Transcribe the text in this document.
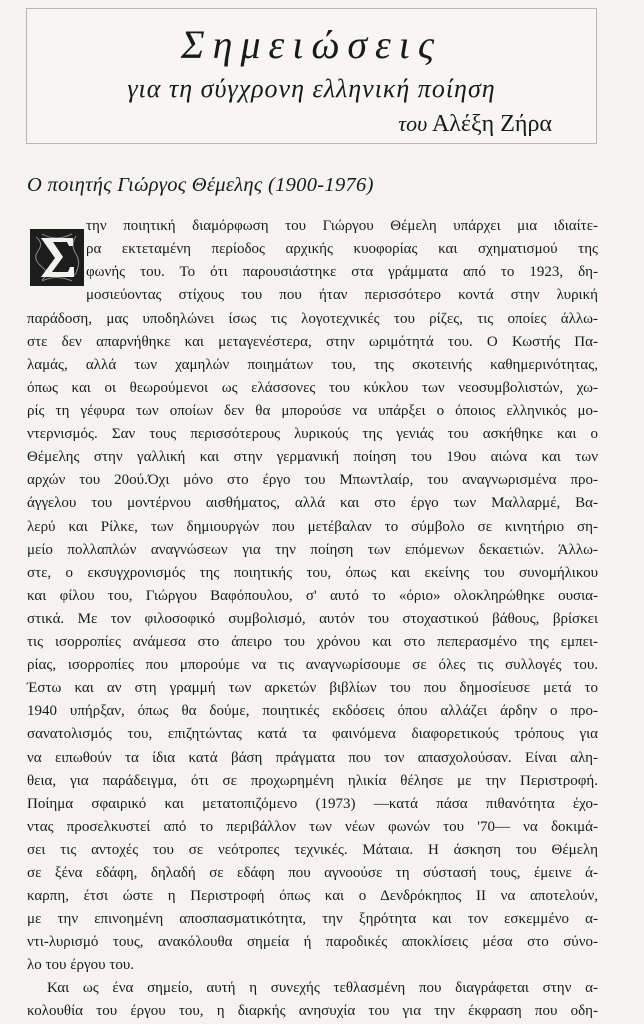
Σημειώσεις
για τη σύγχρονη ελληνική ποίηση
του Αλέξη Ζήρα
Ο ποιητής Γιώργος Θέμελης (1900-1976)
την ποιητική διαμόρφωση του Γιώργου Θέμελη υπάρχει μια ιδιαίτε-
ρα εκτεταμένη περίοδος αρχικής κυοφορίας και σχηματισμού της
φωνής του. Το ότι παρουσιάστηκε στα γράμματα από το 1923, δη-
μοσιεύοντας στίχους του που ήταν περισσότερο κοντά στην λυρική
παράδοση, μας υποδηλώνει ίσως τις λογοτεχνικές του ρίζες, τις οποίες άλλω-
στε δεν απαρνήθηκε και μεταγενέστερα, στην ωριμότητά του. Ο Κωστής Πα-
λαμάς, αλλά των χαμηλών ποιημάτων του, της σκοτεινής καθημερινότητας,
όπως και οι θεωρούμενοι ως ελάσσονες του κύκλου των νεοσυμβολιστών, χω-
ρίς τη γέφυρα των οποίων δεν θα μπορούσε να υπάρξει ο όποιος ελληνικός μο-
ντερνισμός. Σαν τους περισσότερους λυρικούς της γενιάς του ασκήθηκε και ο
Θέμελης στην γαλλική και στην γερμανική ποίηση του 19ου αιώνα και των
αρχών του 20ού.Όχι μόνο στο έργο του Μπωντλαίρ, του αναγνωρισμένα προ-
άγγελου του μοντέρνου αισθήματος, αλλά και στο έργο των Μαλλαρμέ, Βα-
λερύ και Ρίλκε, των δημιουργών που μετέβαλαν το σύμβολο σε κινητήριο ση-
μείο πολλαπλών αναγνώσεων για την ποίηση των επόμενων δεκαετιών. Άλλω-
στε, ο εκσυγχρονισμός της ποιητικής του, όπως και εκείνης του συνομήλικου
και φίλου του, Γιώργου Βαφόπουλου, σ' αυτό το «όριο» ολοκληρώθηκε ουσια-
στικά. Με τον φιλοσοφικό συμβολισμό, αυτόν του στοχαστικού βάθους, βρίσκει
τις ισορροπίες ανάμεσα στο άπειρο του χρόνου και στο πεπερασμένο της εμπει-
ρίας, ισορροπίες που μπορούμε να τις αναγνωρίσουμε σε όλες τις συλλογές του.
Έστω και αν στη γραμμή των αρκετών βιβλίων του που δημοσίευσε μετά το
1940 υπήρξαν, όπως θα δούμε, ποιητικές εκδόσεις όπου αλλάζει άρδην ο προ-
σανατολισμός του, επιζητώντας κατά τα φαινόμενα διαφορετικούς τρόπους για
να ειπωθούν τα ίδια κατά βάση πράγματα που τον απασχολούσαν. Είναι αλη-
θεια, για παράδειγμα, ότι σε προχωρημένη ηλικία θέλησε με την Περιστροφή.
Ποίημα σφαιρικό και μετατοπιζόμενο (1973) —κατά πάσα πιθανότητα έχο-
ντας προσελκυστεί από το περιβάλλον των νέων φωνών του '70— να δοκιμά-
σει τις αντοχές του σε νεότροπες τεχνικές. Μάταια. Η άσκηση του Θέμελη
σε ξένα εδάφη, δηλαδή σε εδάφη που αγνοούσε τη σύστασή τους, έμεινε ά-
καρπη, έτσι ώστε η Περιστροφή όπως και ο Δενδρόκηπος ΙΙ να αποτελούν,
με την επινοημένη αποσπασματικότητα, την ξηρότητα και τον εσκεμμένο α-
ντι-λυρισμό τους, ανακόλουθα σημεία ή παροδικές αποκλίσεις μέσα στο σύνο-
λο του έργου του.
Και ως ένα σημείο, αυτή η συνεχής τεθλασμένη που διαγράφεται στην α-
κολουθία του έργου του, η διαρκής ανησυχία του για την έκφραση που οδη-
